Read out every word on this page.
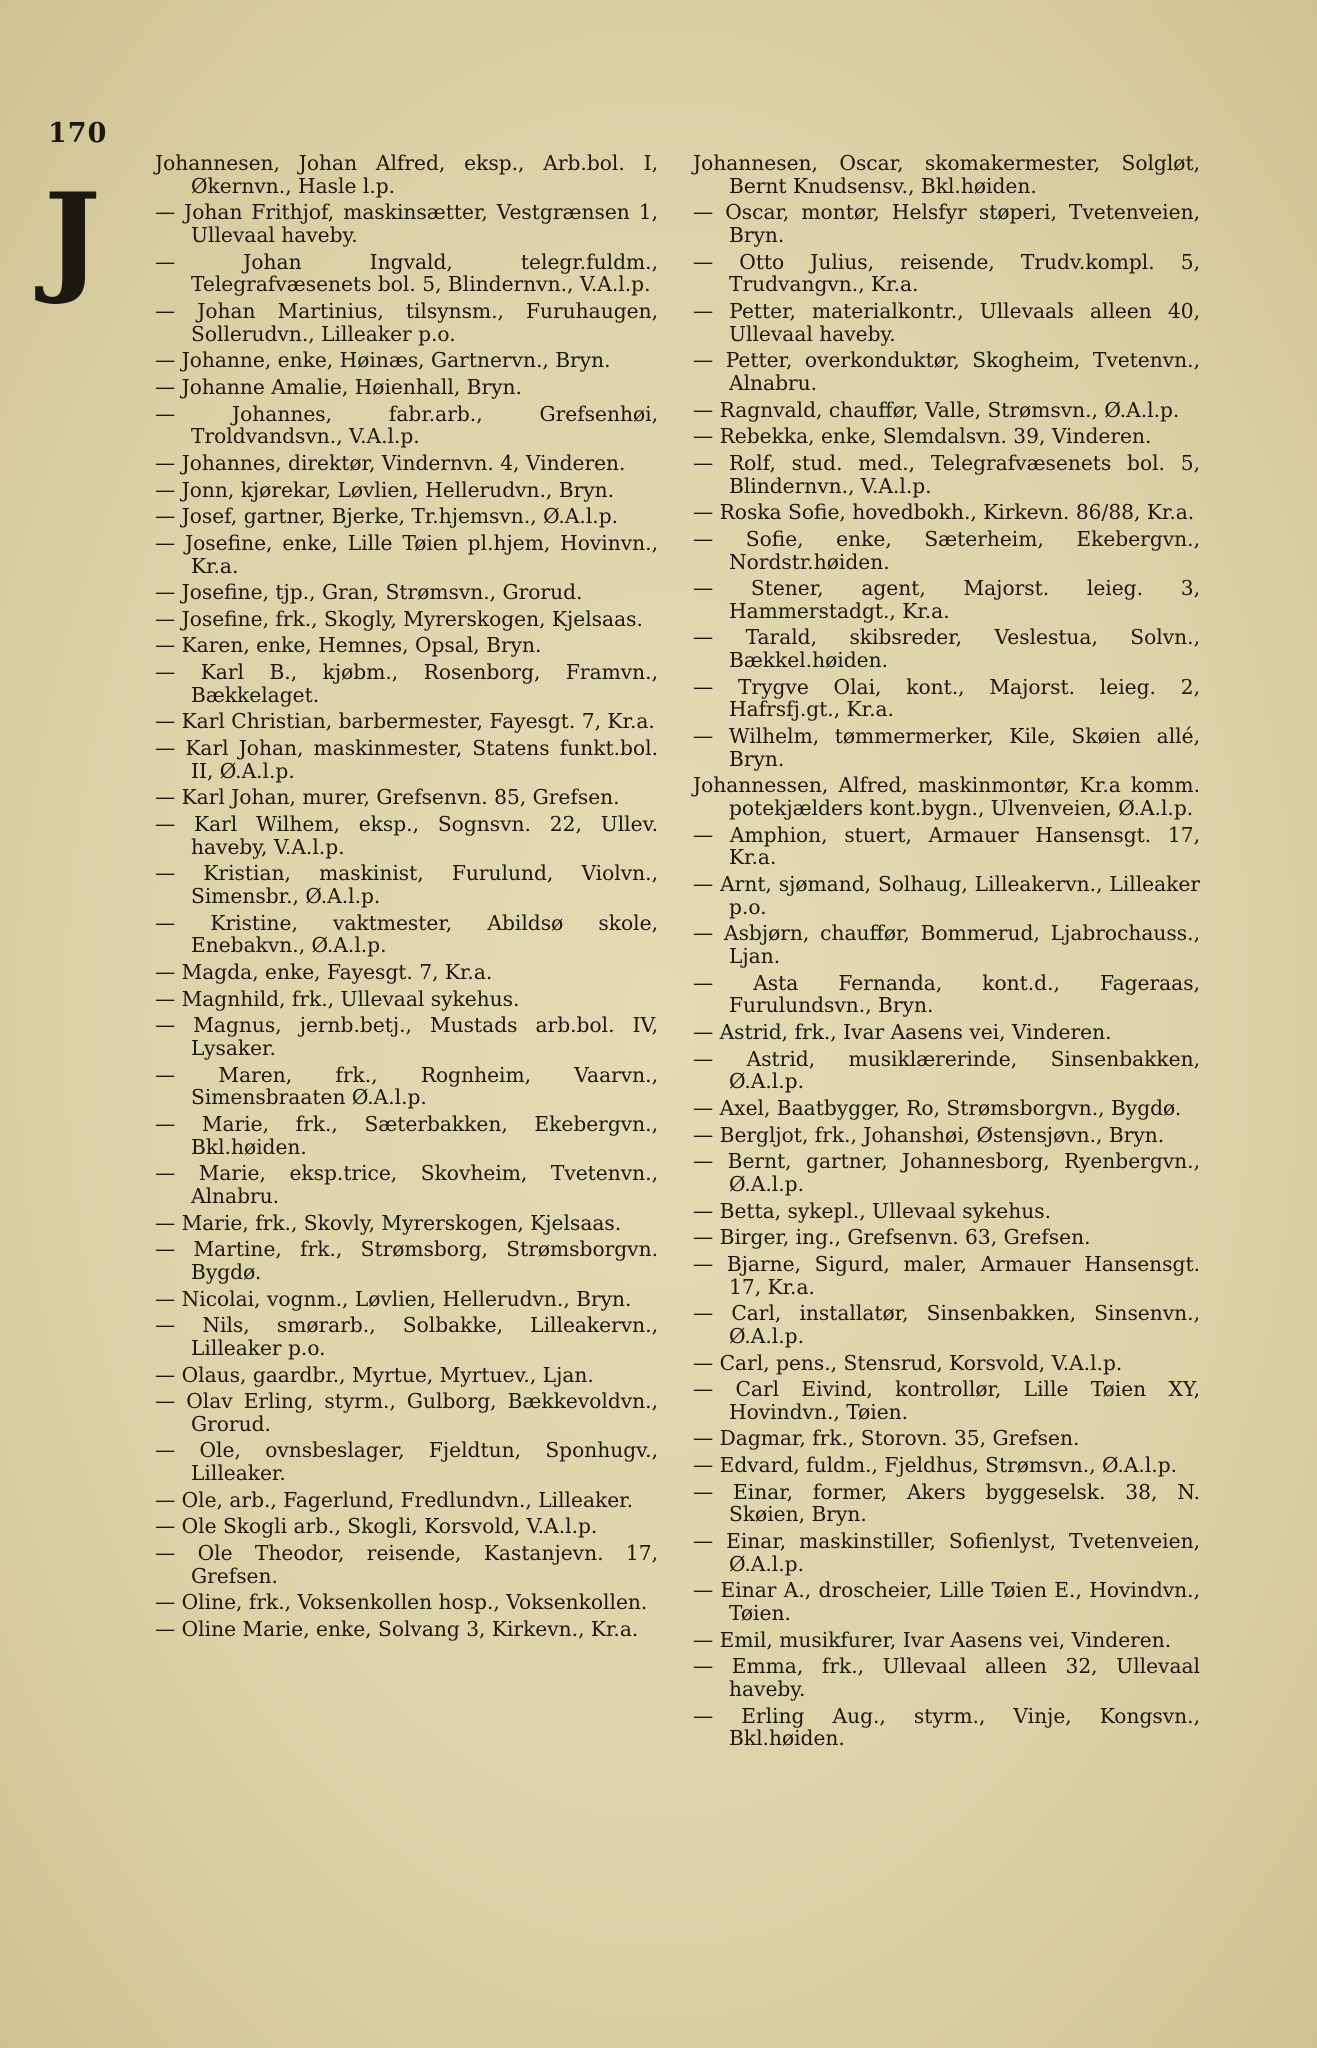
170
J
Johannesen, Johan Alfred, eksp., Arb.bol. I, Økernvn., Hasle l.p.
— Johan Frithjof, maskinsætter, Vestgrænsen 1, Ullevaal haveby.
— Johan Ingvald, telegr.fuldm., Telegrafvæsenets bol. 5, Blindernvn., V.A.l.p.
— Johan Martinius, tilsynsm., Furuhaugen, Sollerudvn., Lilleaker p.o.
— Johanne, enke, Høinæs, Gartnervn., Bryn.
— Johanne Amalie, Høienhall, Bryn.
— Johannes, fabr.arb., Grefsenhøi, Troldvandsvn., V.A.l.p.
— Johannes, direktør, Vindernvn. 4, Vinderen.
— Jonn, kjørekar, Løvlien, Hellerudvn., Bryn.
— Josef, gartner, Bjerke, Tr.hjemsvn., Ø.A.l.p.
— Josefine, enke, Lille Tøien pl.hjem, Hovinvn., Kr.a.
— Josefine, tjp., Gran, Strømsvn., Grorud.
— Josefine, frk., Skogly, Myrerskogen, Kjelsaas.
— Karen, enke, Hemnes, Opsal, Bryn.
— Karl B., kjøbm., Rosenborg, Framvn., Bækkelaget.
— Karl Christian, barbermester, Fayesgt. 7, Kr.a.
— Karl Johan, maskinmester, Statens funkt.bol. II, Ø.A.l.p.
— Karl Johan, murer, Grefsenvn. 85, Grefsen.
— Karl Wilhem, eksp., Sognsvn. 22, Ullev. haveby, V.A.l.p.
— Kristian, maskinist, Furulund, Violvn., Simensbr., Ø.A.l.p.
— Kristine, vaktmester, Abildsø skole, Enebakvn., Ø.A.l.p.
— Magda, enke, Fayesgt. 7, Kr.a.
— Magnhild, frk., Ullevaal sykehus.
— Magnus, jernb.betj., Mustads arb.bol. IV, Lysaker.
— Maren, frk., Rognheim, Vaarvn., Simensbraaten Ø.A.l.p.
— Marie, frk., Sæterbakken, Ekebergvn., Bkl.høiden.
— Marie, eksp.trice, Skovheim, Tvetenvn., Alnabru.
— Marie, frk., Skovly, Myrerskogen, Kjelsaas.
— Martine, frk., Strømsborg, Strømsborgvn. Bygdø.
— Nicolai, vognm., Løvlien, Hellerudvn., Bryn.
— Nils, smørarb., Solbakke, Lilleakervn., Lilleaker p.o.
— Olaus, gaardbr., Myrtue, Myrtuev., Ljan.
— Olav Erling, styrm., Gulborg, Bækkevoldvn., Grorud.
— Ole, ovnsbeslager, Fjeldtun, Sponhugv., Lilleaker.
— Ole, arb., Fagerlund, Fredlundvn., Lilleaker.
— Ole Skogli arb., Skogli, Korsvold, V.A.l.p.
— Ole Theodor, reisende, Kastanjevn. 17, Grefsen.
— Oline, frk., Voksenkollen hosp., Voksenkollen.
— Oline Marie, enke, Solvang 3, Kirkevn., Kr.a.
Johannesen, Oscar, skomakermester, Solgløt, Bernt Knudsensv., Bkl.høiden.
— Oscar, montør, Helsfyr støperi, Tvetenveien, Bryn.
— Otto Julius, reisende, Trudv.kompl. 5, Trudvangvn., Kr.a.
— Petter, materialkontr., Ullevaals alleen 40, Ullevaal haveby.
— Petter, overkonduktør, Skogheim, Tvetenvn., Alnabru.
— Ragnvald, chauffør, Valle, Strømsvn., Ø.A.l.p.
— Rebekka, enke, Slemdalsvn. 39, Vinderen.
— Rolf, stud. med., Telegrafvæsenets bol. 5, Blindernvn., V.A.l.p.
— Roska Sofie, hovedbokh., Kirkevn. 86/88, Kr.a.
— Sofie, enke, Sæterheim, Ekebergvn., Nordstr.høiden.
— Stener, agent, Majorst. leieg. 3, Hammerstadgt., Kr.a.
— Tarald, skibsreder, Veslestua, Solvn., Bækkel.høiden.
— Trygve Olai, kont., Majorst. leieg. 2, Hafrsfj.gt., Kr.a.
— Wilhelm, tømmermerker, Kile, Skøien allé, Bryn.
Johannessen, Alfred, maskinmontør, Kr.a komm. potekjælders kont.bygn., Ulvenveien, Ø.A.l.p.
— Amphion, stuert, Armauer Hansensgt. 17, Kr.a.
— Arnt, sjømand, Solhaug, Lilleakervn., Lilleaker p.o.
— Asbjørn, chauffør, Bommerud, Ljabrochauss., Ljan.
— Asta Fernanda, kont.d., Fageraas, Furulundsvn., Bryn.
— Astrid, frk., Ivar Aasens vei, Vinderen.
— Astrid, musiklærerinde, Sinsenbakken, Ø.A.l.p.
— Axel, Baatbygger, Ro, Strømsborgvn., Bygdø.
— Bergljot, frk., Johanshøi, Østensjøvn., Bryn.
— Bernt, gartner, Johannesborg, Ryenbergvn., Ø.A.l.p.
— Betta, sykepl., Ullevaal sykehus.
— Birger, ing., Grefsenvn. 63, Grefsen.
— Bjarne, Sigurd, maler, Armauer Hansensgt. 17, Kr.a.
— Carl, installatør, Sinsenbakken, Sinsenvn., Ø.A.l.p.
— Carl, pens., Stensrud, Korsvold, V.A.l.p.
— Carl Eivind, kontrollør, Lille Tøien XY, Hovindvn., Tøien.
— Dagmar, frk., Storovn. 35, Grefsen.
— Edvard, fuldm., Fjeldhus, Strømsvn., Ø.A.l.p.
— Einar, former, Akers byggeselsk. 38, N. Skøien, Bryn.
— Einar, maskinstiller, Sofienlyst, Tvetenveien, Ø.A.l.p.
— Einar A., droscheier, Lille Tøien E., Hovindvn., Tøien.
— Emil, musikfurer, Ivar Aasens vei, Vinderen.
— Emma, frk., Ullevaal alleen 32, Ullevaal haveby.
— Erling Aug., styrm., Vinje, Kongsvn., Bkl.høiden.
